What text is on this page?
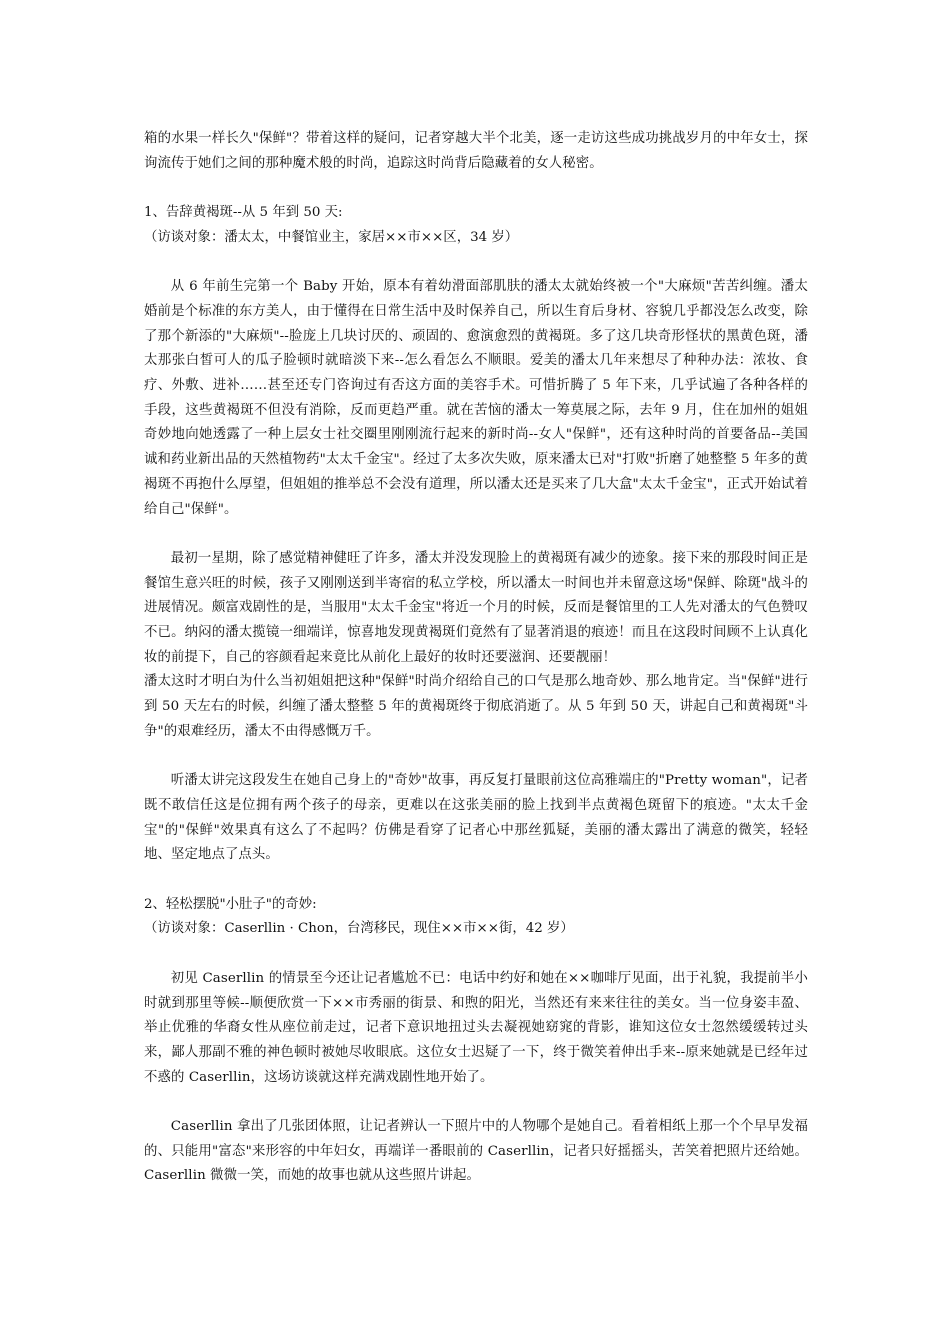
箱的水果一样长久"保鲜"？带着这样的疑问，记者穿越大半个北美，逐一走访这些成功挑战岁月的中年女士，探询流传于她们之间的那种魔术般的时尚，追踪这时尚背后隐藏着的女人秘密。

1、告辞黄褐斑--从 5 年到 50 天:

（访谈对象：潘太太，中餐馆业主，家居××市××区，34 岁）

从 6 年前生完第一个 Baby 开始，原本有着幼滑面部肌肤的潘太太就始终被一个"大麻烦"苦苦纠缠。潘太婚前是个标准的东方美人，由于懂得在日常生活中及时保养自己，所以生育后身材、容貌几乎都没怎么改变，除了那个新添的"大麻烦"--脸庞上几块讨厌的、顽固的、愈演愈烈的黄褐斑。多了这几块奇形怪状的黑黄色斑，潘太那张白皙可人的瓜子脸顿时就暗淡下来--怎么看怎么不顺眼。爱美的潘太几年来想尽了种种办法：浓妆、食疗、外敷、进补……甚至还专门咨询过有否这方面的美容手术。可惜折腾了 5 年下来，几乎试遍了各种各样的手段，这些黄褐斑不但没有消除，反而更趋严重。就在苦恼的潘太一筹莫展之际，去年 9 月，住在加州的姐姐奇妙地向她透露了一种上层女士社交圈里刚刚流行起来的新时尚--女人"保鲜"，还有这种时尚的首要备品--美国诚和药业新出品的天然植物药"太太千金宝"。经过了太多次失败，原来潘太已对"打败"折磨了她整整 5 年多的黄褐斑不再抱什么厚望，但姐姐的推举总不会没有道理，所以潘太还是买来了几大盒"太太千金宝"，正式开始试着给自己"保鲜"。

最初一星期，除了感觉精神健旺了许多，潘太并没发现脸上的黄褐斑有减少的迹象。接下来的那段时间正是餐馆生意兴旺的时候，孩子又刚刚送到半寄宿的私立学校，所以潘太一时间也并未留意这场"保鲜、除斑"战斗的进展情况。颇富戏剧性的是，当服用"太太千金宝"将近一个月的时候，反而是餐馆里的工人先对潘太的气色赞叹不已。纳闷的潘太揽镜一细端详，惊喜地发现黄褐斑们竟然有了显著消退的痕迹！而且在这段时间顾不上认真化妆的前提下，自己的容颜看起来竟比从前化上最好的妆时还要滋润、还要靓丽！

潘太这时才明白为什么当初姐姐把这种"保鲜"时尚介绍给自己的口气是那么地奇妙、那么地肯定。当"保鲜"进行到 50 天左右的时候，纠缠了潘太整整 5 年的黄褐斑终于彻底消逝了。从 5 年到 50 天，讲起自己和黄褐斑"斗争"的艰难经历，潘太不由得感慨万千。

听潘太讲完这段发生在她自己身上的"奇妙"故事，再反复打量眼前这位高雅端庄的"Pretty woman"，记者既不敢信任这是位拥有两个孩子的母亲，更难以在这张美丽的脸上找到半点黄褐色斑留下的痕迹。"太太千金宝"的"保鲜"效果真有这么了不起吗？仿佛是看穿了记者心中那丝狐疑，美丽的潘太露出了满意的微笑，轻轻地、坚定地点了点头。

2、轻松摆脱"小肚子"的奇妙:

（访谈对象：Caserllin · Chon，台湾移民，现住××市××街，42 岁）

初见 Caserllin 的情景至今还让记者尴尬不已：电话中约好和她在××咖啡厅见面，出于礼貌，我提前半小时就到那里等候--顺便欣赏一下××市秀丽的街景、和煦的阳光，当然还有来来往往的美女。当一位身姿丰盈、举止优雅的华裔女性从座位前走过，记者下意识地扭过头去凝视她窈窕的背影，谁知这位女士忽然缓缓转过头来，鄙人那副不雅的神色顿时被她尽收眼底。这位女士迟疑了一下，终于微笑着伸出手来--原来她就是已经年过不惑的 Caserllin，这场访谈就这样充满戏剧性地开始了。

Caserllin 拿出了几张团体照，让记者辨认一下照片中的人物哪个是她自己。看着相纸上那一个个早早发福的、只能用"富态"来形容的中年妇女，再端详一番眼前的 Caserllin，记者只好摇摇头，苦笑着把照片还给她。Caserllin 微微一笑，而她的故事也就从这些照片讲起。
